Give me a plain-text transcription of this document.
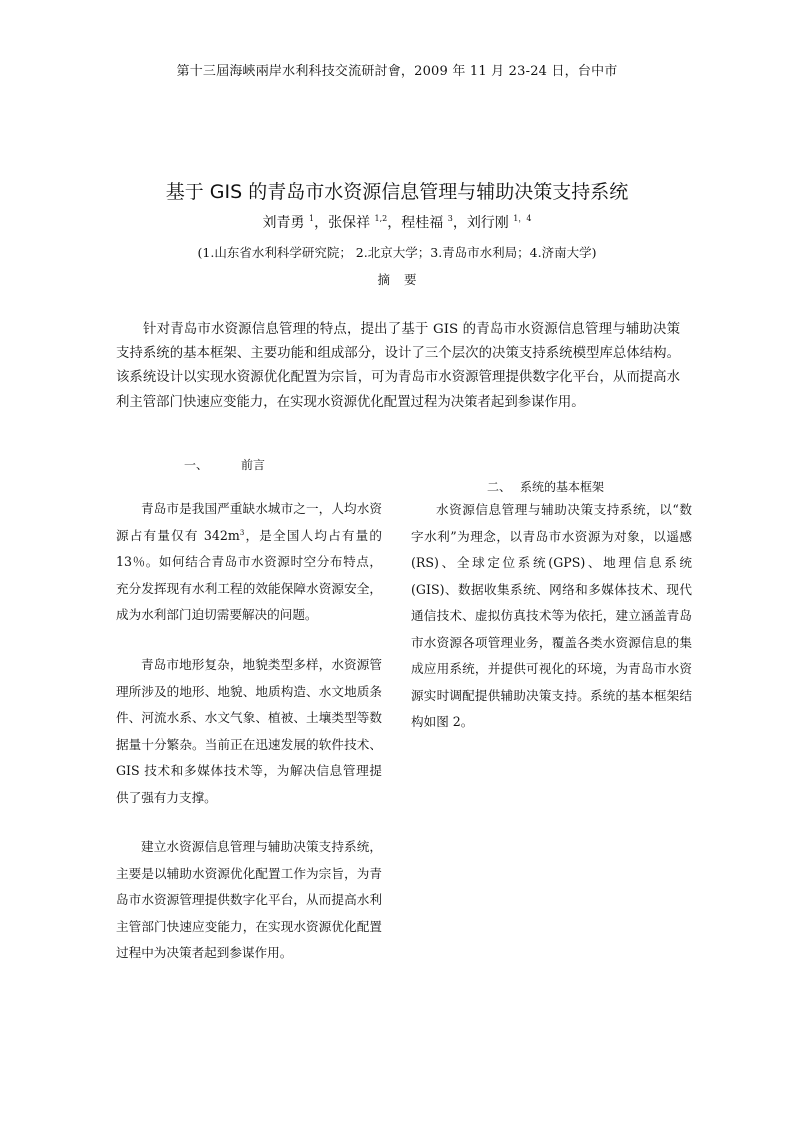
第十三屆海峽兩岸水利科技交流研討會，2009 年 11 月 23-24 日，台中市
基于 GIS 的青岛市水资源信息管理与辅助决策支持系统
刘青勇 $^1$，张保祥 $^{1,2}$，程桂福 $^3$，刘行刚 $^{1,4}$
(1.山东省水利科学研究院； 2.北京大学；3.青岛市水利局；4.济南大学)
摘要
针对青岛市水资源信息管理的特点，提出了基于 GIS 的青岛市水资源信息管理与辅助决策支持系统的基本框架、主要功能和组成部分，设计了三个层次的决策支持系统模型库总体结构。该系统设计以实现水资源优化配置为宗旨，可为青岛市水资源管理提供数字化平台，从而提高水利主管部门快速应变能力，在实现水资源优化配置过程为决策者起到参谋作用。
一、	前言
青岛市是我国严重缺水城市之一，人均水资源占有量仅有 $342m^3$，是全国人均占有量的 13％。如何结合青岛市水资源时空分布特点，充分发挥现有水利工程的效能保障水资源安全，成为水利部门迫切需要解决的问题。
青岛市地形复杂，地貌类型多样，水资源管理所涉及的地形、地貌、地质构造、水文地质条件、河流水系、水文气象、植被、土壤类型等数据量十分繁杂。当前正在迅速发展的软件技术、GIS 技术和多媒体技术等，为解决信息管理提供了强有力支撑。
建立水资源信息管理与辅助决策支持系统，主要是以辅助水资源优化配置工作为宗旨，为青岛市水资源管理提供数字化平台，从而提高水利主管部门快速应变能力，在实现水资源优化配置过程中为决策者起到参谋作用。
二、 系统的基本框架
水资源信息管理与辅助决策支持系统，以“数字水利”为理念，以青岛市水资源为对象，以遥感(RS)、全球定位系统(GPS)、地理信息系统(GIS)、数据收集系统、网络和多媒体技术、现代通信技术、虚拟仿真技术等为依托，建立涵盖青岛市水资源各项管理业务，覆盖各类水资源信息的集成应用系统，并提供可视化的环境，为青岛市水资源实时调配提供辅助决策支持。系统的基本框架结构如图 2。
